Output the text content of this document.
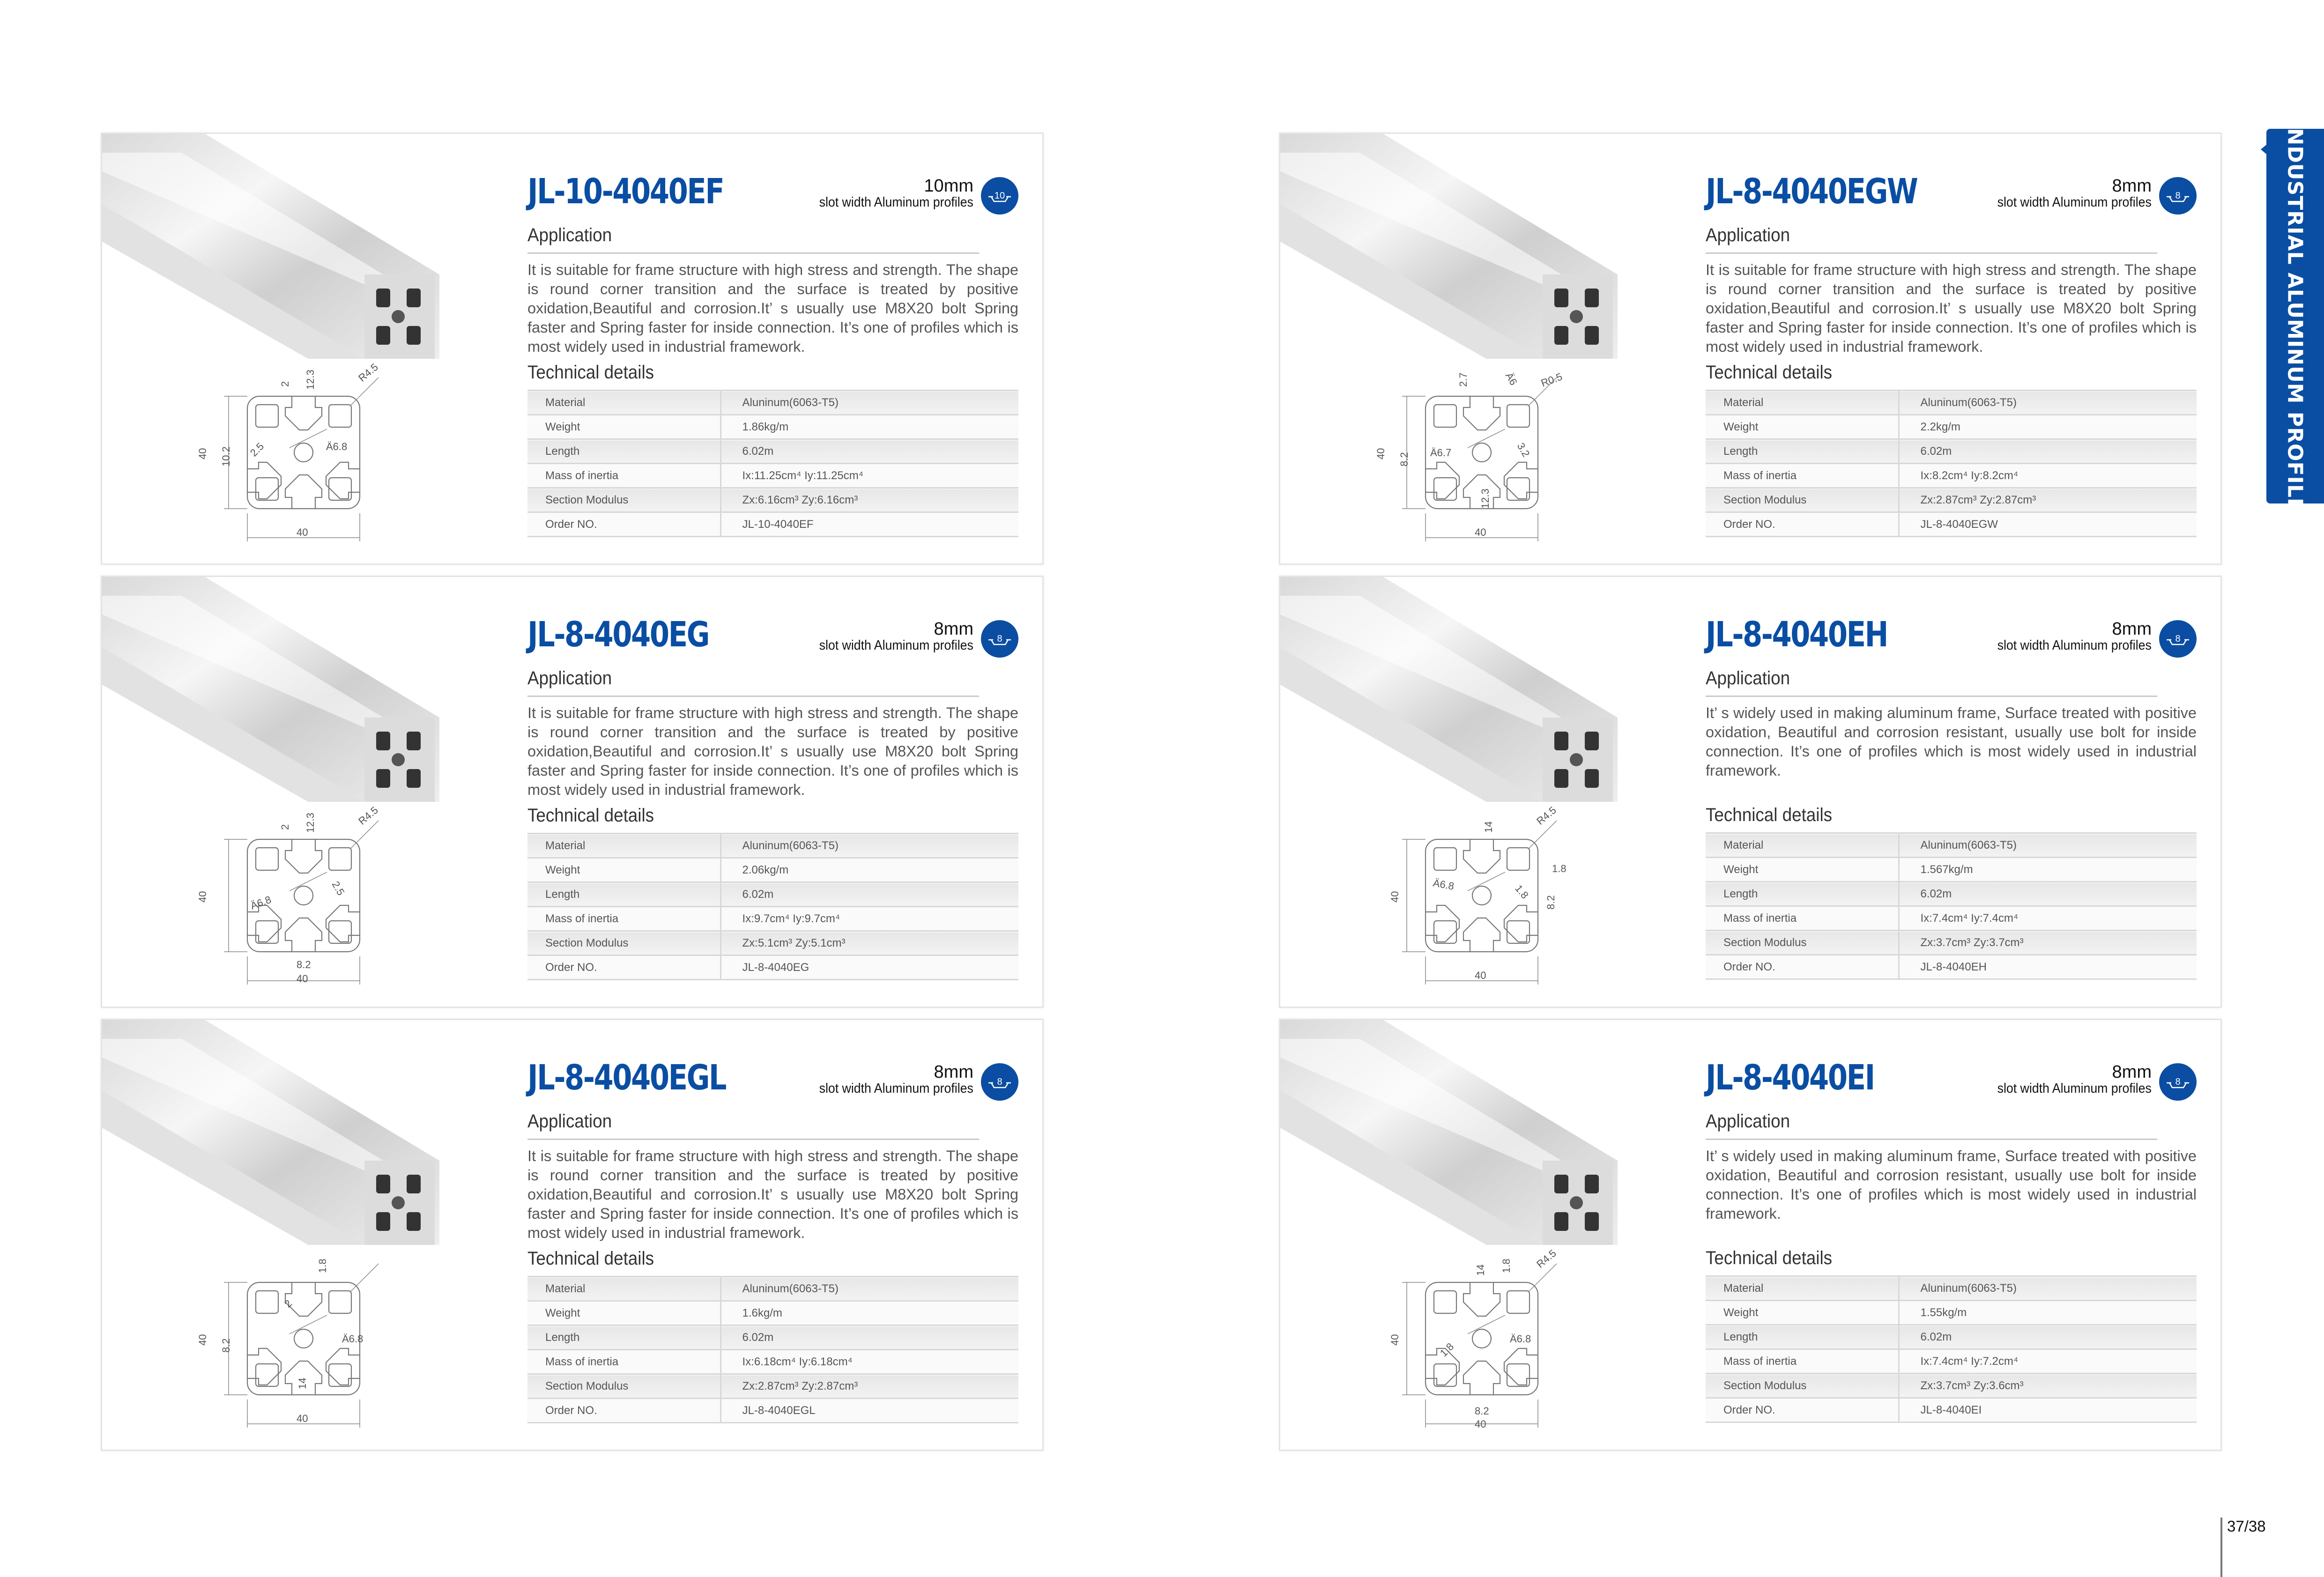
2 12.3	R4.5
40 10.2 2.5	Ä6.8
40
JL-10-4040EF	10mm
slot width Aluminum profiles 10
Application
It is suitable for frame structure with high stress and strength. The shape is round corner transition and the surface is treated by positive oxidation,Beautiful and corrosion.It’ s usually use M8X20 bolt Spring faster and Spring faster for inside connection. It’s one of profiles which is most widely used in industrial framework.
Technical details
Material	Aluninum(6063-T5)
Weight	1.86kg/m
Length	6.02m
Mass of inertia	Ix:11.25cm⁴ Iy:11.25cm⁴
Section Modulus	Zx:6.16cm³ Zy:6.16cm³
Order NO.	JL-10-4040EF
2.7	Ä6 R0.5
40 8.2 Ä6.7	3.2
12.3
40
JL-8-4040EGW	8mm
slot width Aluminum profiles	8
Application
It is suitable for frame structure with high stress and strength. The shape is round corner transition and the surface is treated by positive oxidation,Beautiful and corrosion.It’ s usually use M8X20 bolt Spring faster and Spring faster for inside connection. It’s one of profiles which is most widely used in industrial framework.
Technical details
Material	Aluninum(6063-T5)
Weight	2.2kg/m
Length	6.02m
Mass of inertia	Ix:8.2cm⁴ Iy:8.2cm⁴
Section Modulus	Zx:2.87cm³ Zy:2.87cm³
Order NO.	JL-8-4040EGW
2 12.3	R4.5
40	Ä6.8
2.5
8.2
40
JL-8-4040EG	8mm
slot width Aluminum profiles	8
Application
It is suitable for frame structure with high stress and strength. The shape is round corner transition and the surface is treated by positive oxidation,Beautiful and corrosion.It’ s usually use M8X20 bolt Spring faster and Spring faster for inside connection. It’s one of profiles which is most widely used in industrial framework.
Technical details
Material	Aluninum(6063-T5)
Weight	2.06kg/m
Length	6.02m
Mass of inertia	Ix:9.7cm⁴ Iy:9.7cm⁴
Section Modulus	Zx:5.1cm³ Zy:5.1cm³
Order NO.	JL-8-4040EG
14	R4.5
1.8
Ä6.8	1.8
8.2
40
40
JL-8-4040EH	8mm
slot width Aluminum profiles	8
Application
It’ s widely used in making aluminum frame, Surface treated with positive oxidation, Beautiful and corrosion resistant, usually use bolt for inside connection. It’s one of profiles which is most widely used in industrial framework.
Technical details
Material	Aluninum(6063-T5)
Weight	1.567kg/m
Length	6.02m
Mass of inertia	Ix:7.4cm⁴ Iy:7.4cm⁴
Section Modulus	Zx:3.7cm³ Zy:3.7cm³
Order NO.	JL-8-4040EH
1.8
2
40 8.2	Ä6.8
14
40
JL-8-4040EGL	8mm
slot width Aluminum profiles	8
Application
It is suitable for frame structure with high stress and strength. The shape is round corner transition and the surface is treated by positive oxidation,Beautiful and corrosion.It’ s usually use M8X20 bolt Spring faster and Spring faster for inside connection. It’s one of profiles which is most widely used in industrial framework.
Technical details
Material	Aluninum(6063-T5)
Weight	1.6kg/m
Length	6.02m
Mass of inertia	Ix:6.18cm⁴ Iy:6.18cm⁴
Section Modulus	Zx:2.87cm³ Zy:2.87cm³
Order NO.	JL-8-4040EGL
14 1.8 R4.5
40
1.8
Ä6.8
8.2
40
JL-8-4040EI	8mm
slot width Aluminum profiles	8
Application
It’ s widely used in making aluminum frame, Surface treated with positive oxidation, Beautiful and corrosion resistant, usually use bolt for inside connection. It’s one of profiles which is most widely used in industrial framework.
Technical details
Material	Aluninum(6063-T5)
Weight	1.55kg/m
Length	6.02m
Mass of inertia	Ix:7.4cm⁴ Iy:7.2cm⁴
Section Modulus	Zx:3.7cm³ Zy:3.6cm³
Order NO.	JL-8-4040EI
INDUSTRIAL ALUMINUM PROFILE
37/38
